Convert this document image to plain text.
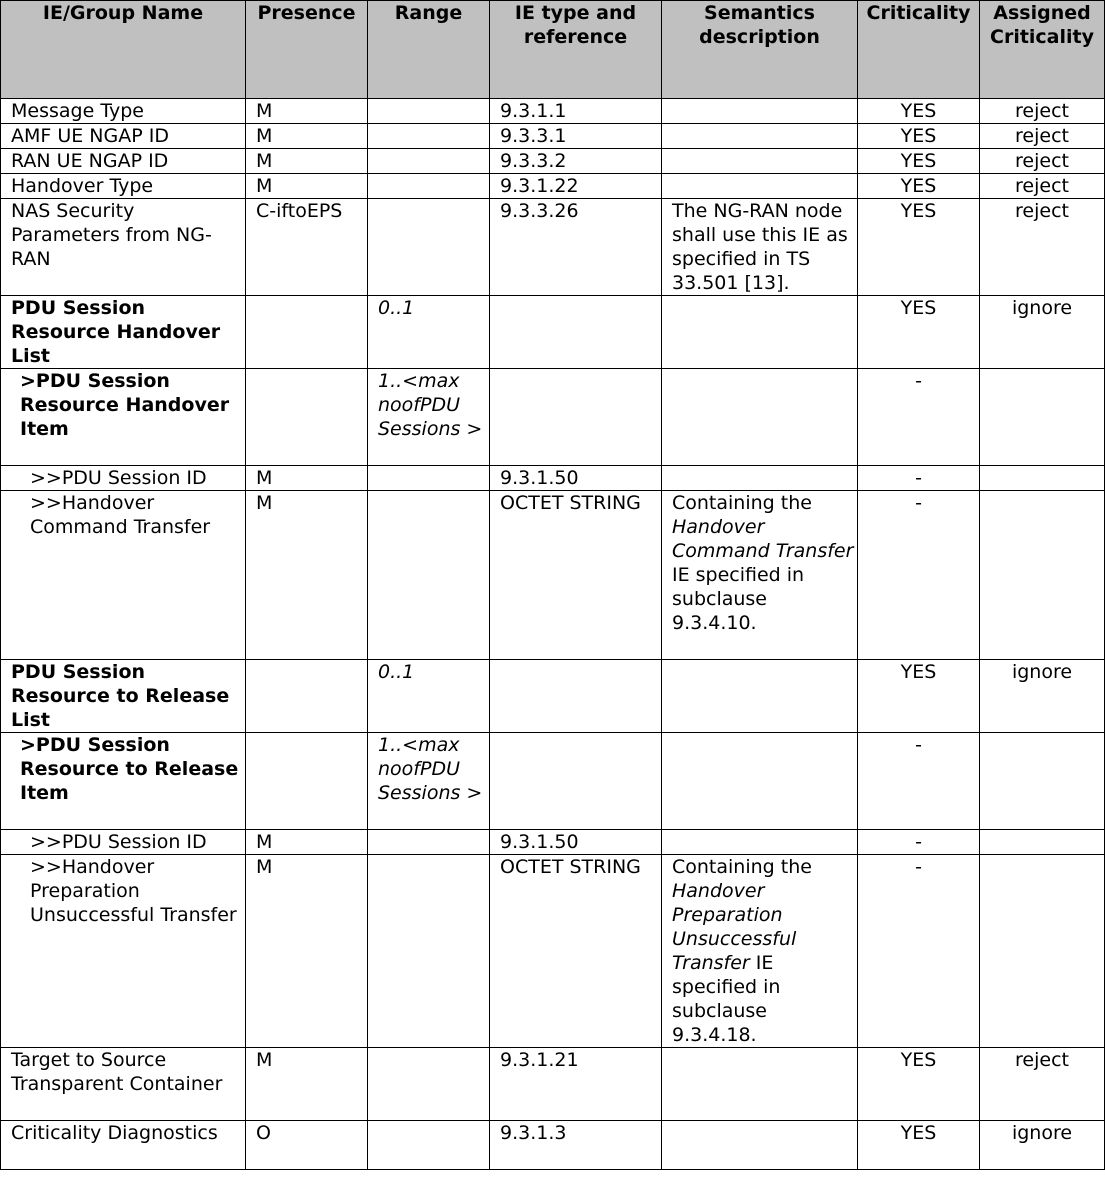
IE/Group Name	Presence	Range	IE type and reference	Semantics description	Criticality	Assigned Criticality
Message Type	M		9.3.1.1		YES	reject
AMF UE NGAP ID	M		9.3.3.1		YES	reject
RAN UE NGAP ID	M		9.3.3.2		YES	reject
Handover Type	M		9.3.1.22		YES	reject
NAS Security Parameters from NG-RAN	C-iftoEPS		9.3.3.26	The NG-RAN node shall use this IE as specified in TS 33.501 [13].	YES	reject
PDU Session Resource Handover List		0..1			YES	ignore
>PDU Session Resource Handover Item		1..<max noofPDU Sessions >			-	
>>PDU Session ID	M		9.3.1.50		-	
>>Handover Command Transfer	M		OCTET STRING	Containing the Handover Command Transfer IE specified in subclause 9.3.4.10.	-	
PDU Session Resource to Release List		0..1			YES	ignore
>PDU Session Resource to Release Item		1..<max noofPDU Sessions >			-	
>>PDU Session ID	M		9.3.1.50		-	
>>Handover Preparation Unsuccessful Transfer	M		OCTET STRING	Containing the Handover Preparation Unsuccessful Transfer IE specified in subclause 9.3.4.18.	-	
Target to Source Transparent Container	M		9.3.1.21		YES	reject
Criticality Diagnostics	O		9.3.1.3		YES	ignore
